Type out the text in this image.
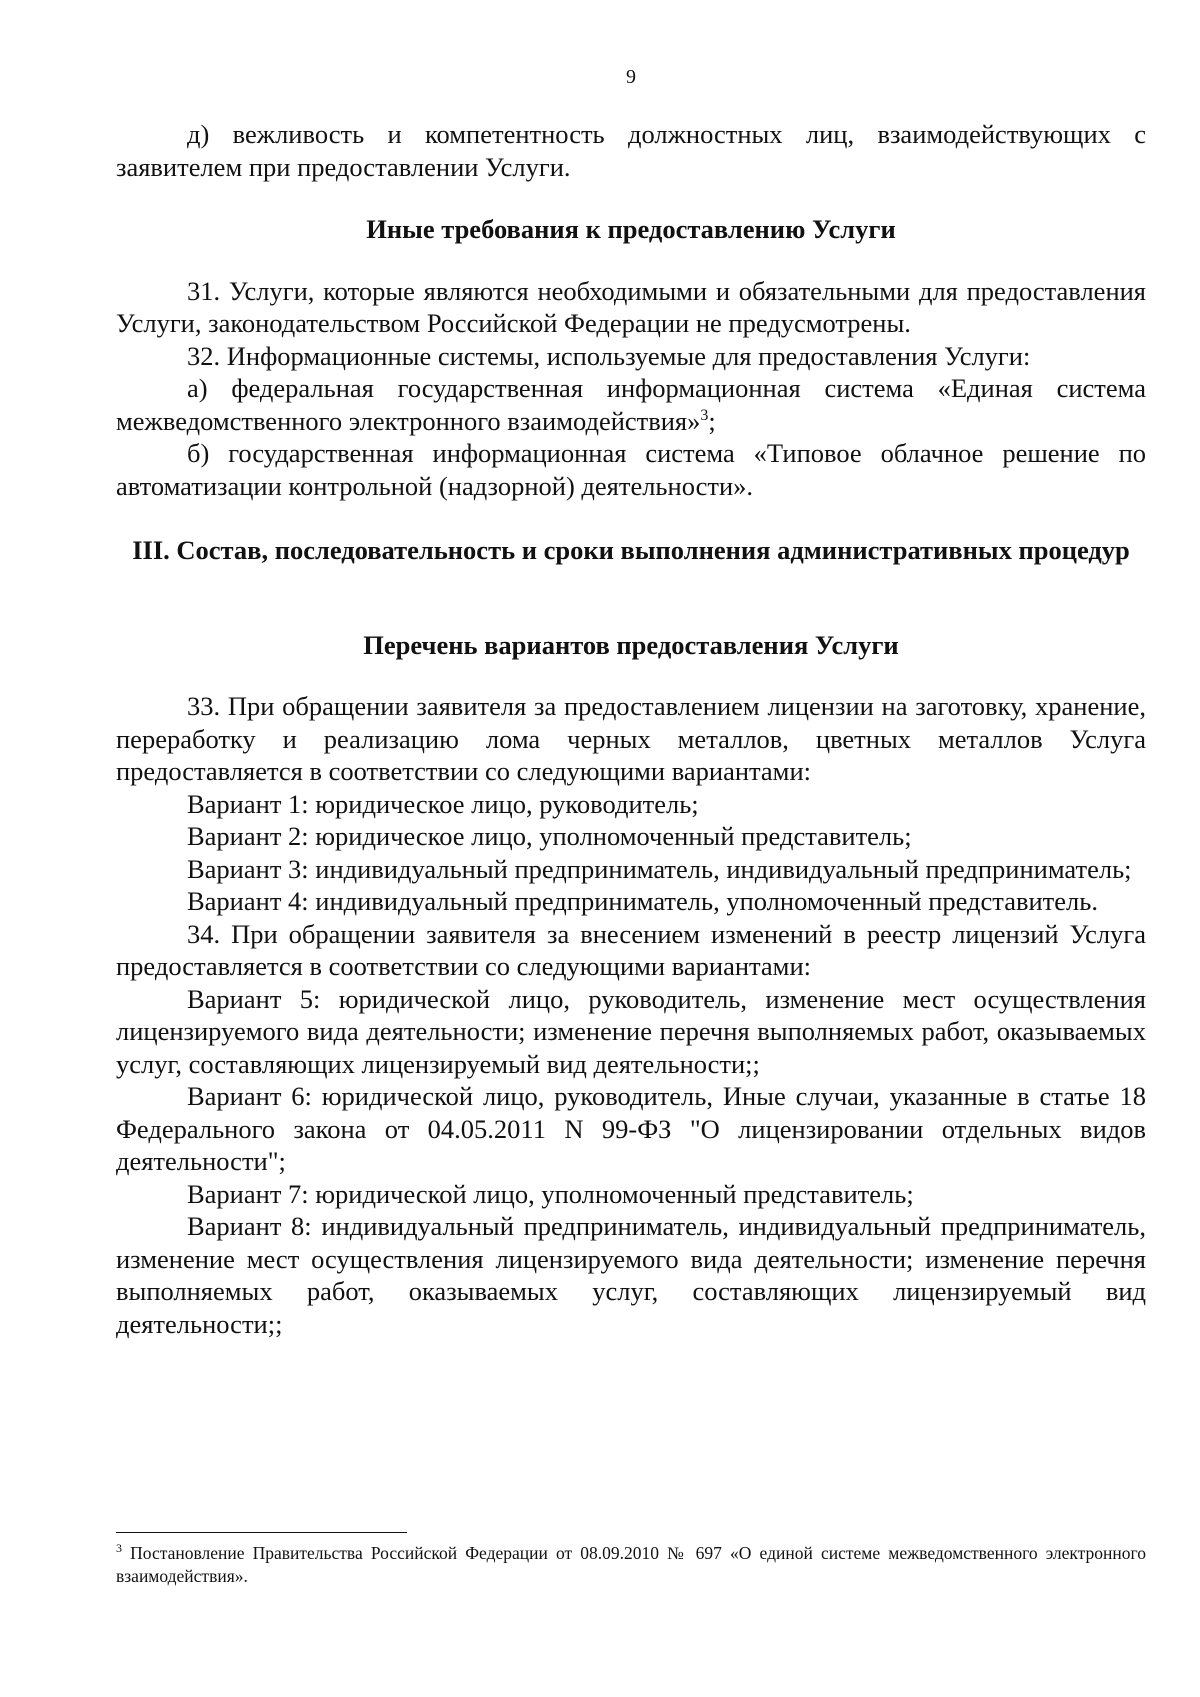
9

д) вежливость и компетентность должностных лиц, взаимодействующих с заявителем при предоставлении Услуги.

Иные требования к предоставлению Услуги

31. Услуги, которые являются необходимыми и обязательными для предоставления Услуги, законодательством Российской Федерации не предусмотрены.

32. Информационные системы, используемые для предоставления Услуги:

а) федеральная государственная информационная система «Единая система межведомственного электронного взаимодействия»$^3$;

б) государственная информационная система «Типовое облачное решение по автоматизации контрольной (надзорной) деятельности».

III. Состав, последовательность и сроки выполнения административных процедур

Перечень вариантов предоставления Услуги

33. При обращении заявителя за предоставлением лицензии на заготовку, хранение, переработку и реализацию лома черных металлов, цветных металлов Услуга предоставляется в соответствии со следующими вариантами:

Вариант 1: юридическое лицо, руководитель;

Вариант 2: юридическое лицо, уполномоченный представитель;

Вариант 3: индивидуальный предприниматель, индивидуальный предприниматель;

Вариант 4: индивидуальный предприниматель, уполномоченный представитель.

34. При обращении заявителя за внесением изменений в реестр лицензий Услуга предоставляется в соответствии со следующими вариантами:

Вариант 5: юридической лицо, руководитель, изменение мест осуществления лицензируемого вида деятельности; изменение перечня выполняемых работ, оказываемых услуг, составляющих лицензируемый вид деятельности;;

Вариант 6: юридической лицо, руководитель, Иные случаи, указанные в статье 18 Федерального закона от 04.05.2011 N 99-ФЗ "О лицензировании отдельных видов деятельности";

Вариант 7: юридической лицо, уполномоченный представитель;

Вариант 8: индивидуальный предприниматель, индивидуальный предприниматель, изменение мест осуществления лицензируемого вида деятельности; изменение перечня выполняемых работ, оказываемых услуг, составляющих лицензируемый вид деятельности;;

$^3$ Постановление Правительства Российской Федерации от 08.09.2010 № 697 «О единой системе межведомственного электронного взаимодействия».
